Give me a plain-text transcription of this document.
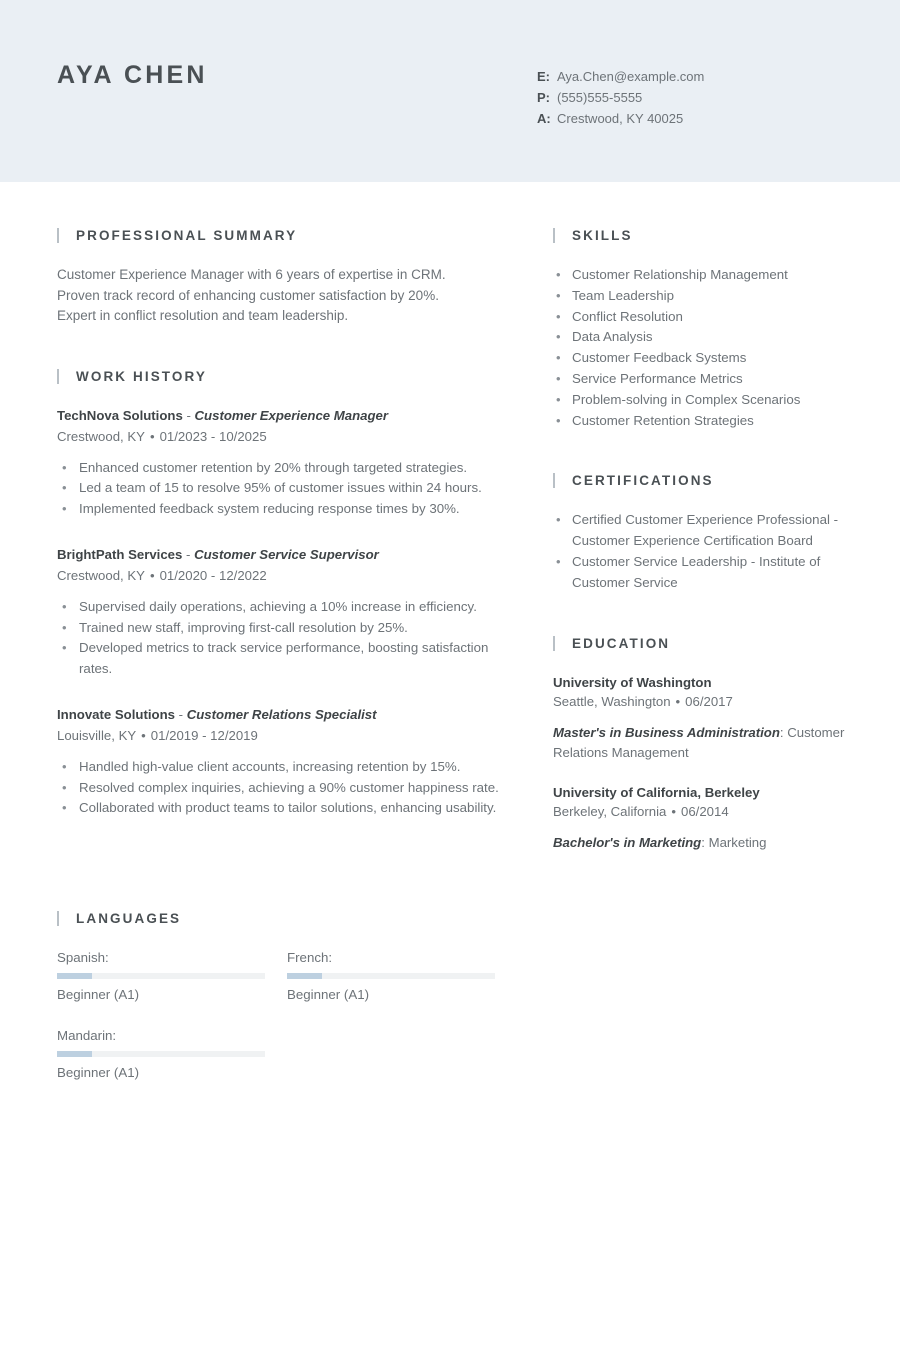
AYA CHEN	E: Aya.Chen@example.com
P: (555)555-5555
A: Crestwood, KY 40025
PROFESSIONAL SUMMARY
Customer Experience Manager with 6 years of expertise in CRM.
Proven track record of enhancing customer satisfaction by 20%.
Expert in conflict resolution and team leadership.
WORK HISTORY
TechNova Solutions - Customer Experience Manager
Crestwood, KY • 01/2023 - 10/2025
• Enhanced customer retention by 20% through targeted strategies.
• Led a team of 15 to resolve 95% of customer issues within 24 hours.
• Implemented feedback system reducing response times by 30%.
BrightPath Services - Customer Service Supervisor
Crestwood, KY • 01/2020 - 12/2022
• Supervised daily operations, achieving a 10% increase in efficiency.
• Trained new staff, improving first-call resolution by 25%.
• Developed metrics to track service performance, boosting satisfaction rates.
Innovate Solutions - Customer Relations Specialist
Louisville, KY • 01/2019 - 12/2019
• Handled high-value client accounts, increasing retention by 15%.
• Resolved complex inquiries, achieving a 90% customer happiness rate.
• Collaborated with product teams to tailor solutions, enhancing usability.
SKILLS
• Customer Relationship Management
• Team Leadership
• Conflict Resolution
• Data Analysis
• Customer Feedback Systems
• Service Performance Metrics
• Problem-solving in Complex Scenarios
• Customer Retention Strategies
CERTIFICATIONS
• Certified Customer Experience Professional - Customer Experience Certification Board
• Customer Service Leadership - Institute of Customer Service
EDUCATION
University of Washington
Seattle, Washington • 06/2017
Master's in Business Administration: Customer Relations Management
University of California, Berkeley
Berkeley, California • 06/2014
Bachelor's in Marketing: Marketing
LANGUAGES
Spanish:
Beginner (A1)
French:
Beginner (A1)
Mandarin:
Beginner (A1)
